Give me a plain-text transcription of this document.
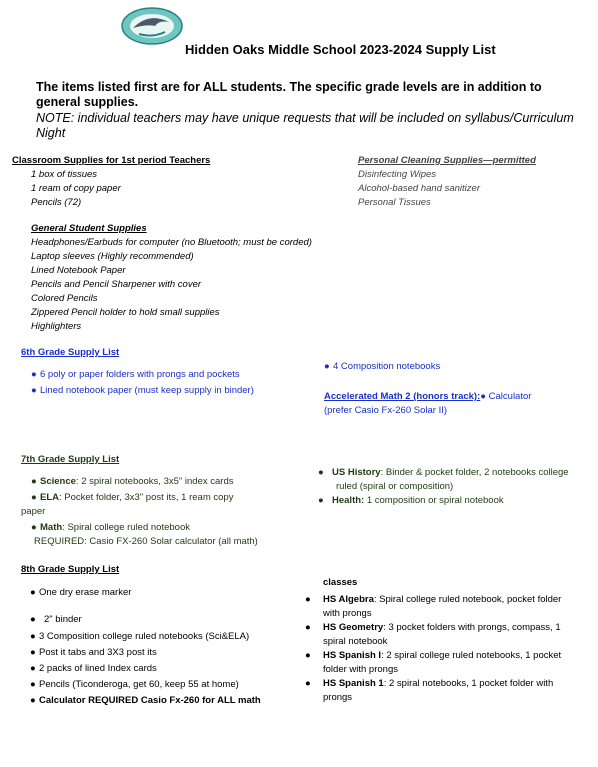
Hidden Oaks Middle School 2023-2024 Supply List
The items listed first are for ALL students. The specific grade levels are in addition to general supplies.
NOTE: individual teachers may have unique requests that will be included on syllabus/Curriculum Night
Classroom Supplies for 1st period Teachers
1 box of tissues
1 ream of copy paper
Pencils (72)
Personal Cleaning Supplies—permitted
Disinfecting Wipes
Alcohol-based hand sanitizer
Personal Tissues
General Student Supplies
Headphones/Earbuds for computer (no Bluetooth; must be corded)
Laptop sleeves (Highly recommended)
Lined Notebook Paper
Pencils and Pencil Sharpener with cover
Colored Pencils
Zippered Pencil holder to hold small supplies
Highlighters
6th Grade Supply List
● 6 poly or paper folders with prongs and pockets
● Lined notebook paper (must keep supply in binder)
● 4 Composition notebooks
Accelerated Math 2 (honors track):● Calculator
(prefer Casio Fx-260 Solar II)
7th Grade Supply List
● Science: 2 spiral notebooks, 3x5" index cards
● ELA: Pocket folder, 3x3" post its, 1 ream copy
paper
● Math: Spiral college ruled notebook
REQUIRED: Casio FX-260 Solar calculator (all math)
● US History: Binder & pocket folder, 2 notebooks college
ruled (spiral or composition)
● Health: 1 composition or spiral notebook
8th Grade Supply List
● One dry erase marker
● 2" binder
● 3 Composition college ruled notebooks (Sci&ELA)
● Post it tabs and 3X3 post its
● 2 packs of lined Index cards
● Pencils (Ticonderoga, get 60, keep 55 at home)
● Calculator REQUIRED Casio Fx-260 for ALL math
classes
● HS Algebra: Spiral college ruled notebook, pocket folder
with prongs
● HS Geometry: 3 pocket folders with prongs, compass, 1
spiral notebook
● HS Spanish I: 2 spiral college ruled notebooks, 1 pocket
folder with prongs
● HS Spanish 1: 2 spiral notebooks, 1 pocket folder with
prongs
